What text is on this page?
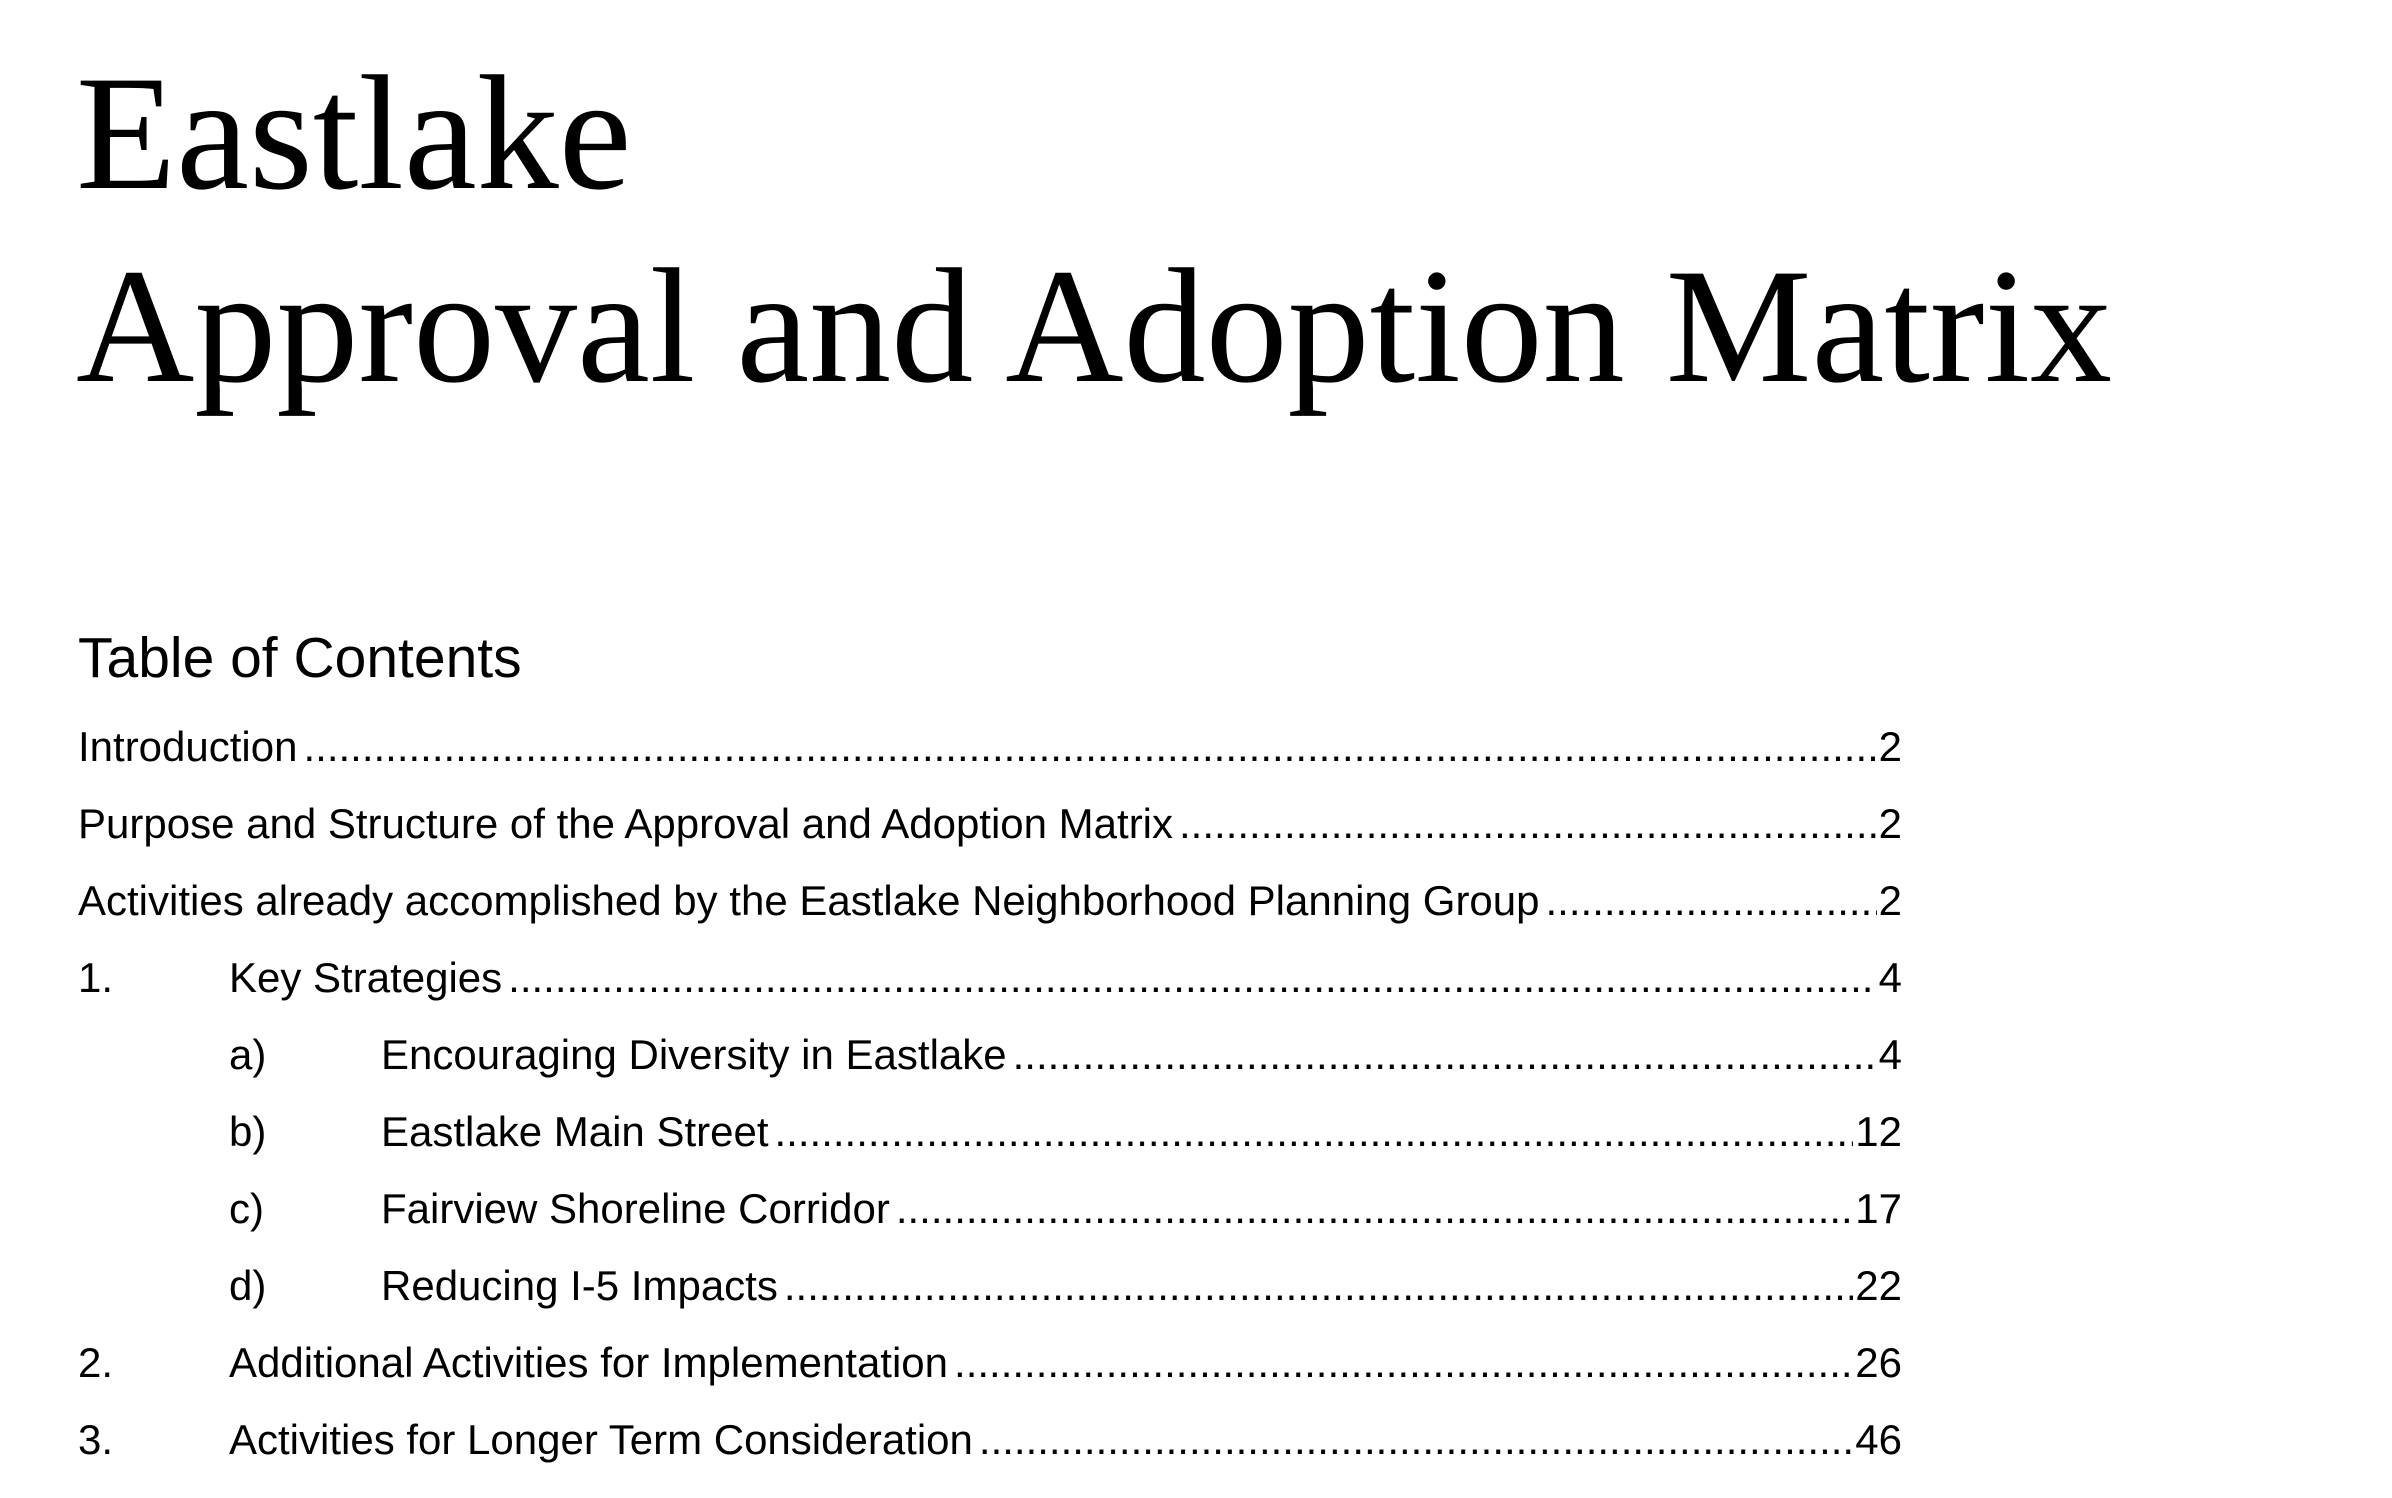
Eastlake
Approval and Adoption Matrix
Table of Contents
Introduction .....	2
Purpose and Structure of the Approval and Adoption Matrix .....	2
Activities already accomplished by the Eastlake Neighborhood Planning Group .....	2
1.	Key Strategies .....	4
a)	Encouraging Diversity in Eastlake .....	4
b)	Eastlake Main Street .....	12
c)	Fairview Shoreline Corridor .....	17
d)	Reducing I-5 Impacts .....	22
2.	Additional Activities for Implementation .....	26
3.	Activities for Longer Term Consideration .....	46
